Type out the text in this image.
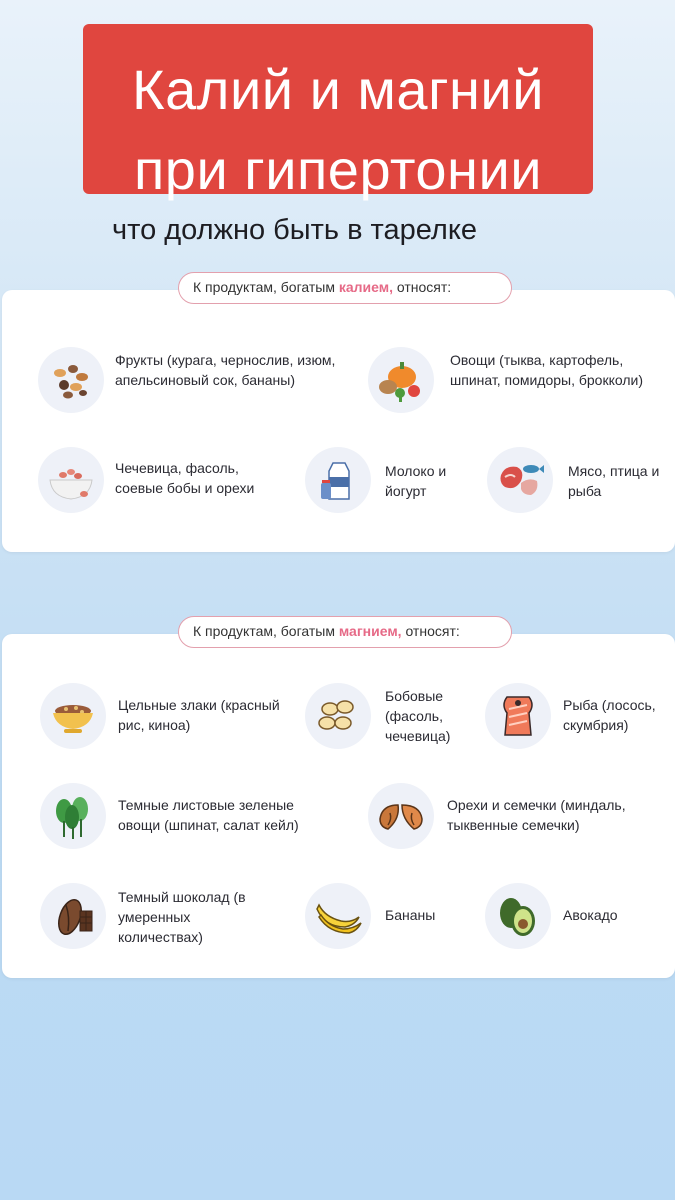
Калий и магний
при гипертонии
что должно быть в тарелке
К продуктам, богатым калием, относят:
Фрукты (курага, чернослив, изюм, апельсиновый сок, бананы)
Овощи (тыква, картофель, шпинат, помидоры, брокколи)
Чечевица, фасоль, соевые бобы и орехи
Молоко и йогурт
Мясо, птица и рыба
К продуктам, богатым магнием, относят:
Цельные злаки (красный рис, киноа)
Бобовые (фасоль, чечевица)
Рыба (лосось, скумбрия)
Темные листовые зеленые овощи (шпинат, салат кейл)
Орехи и семечки (миндаль, тыквенные семечки)
Темный шоколад (в умеренных количествах)
Бананы	Авокадо
